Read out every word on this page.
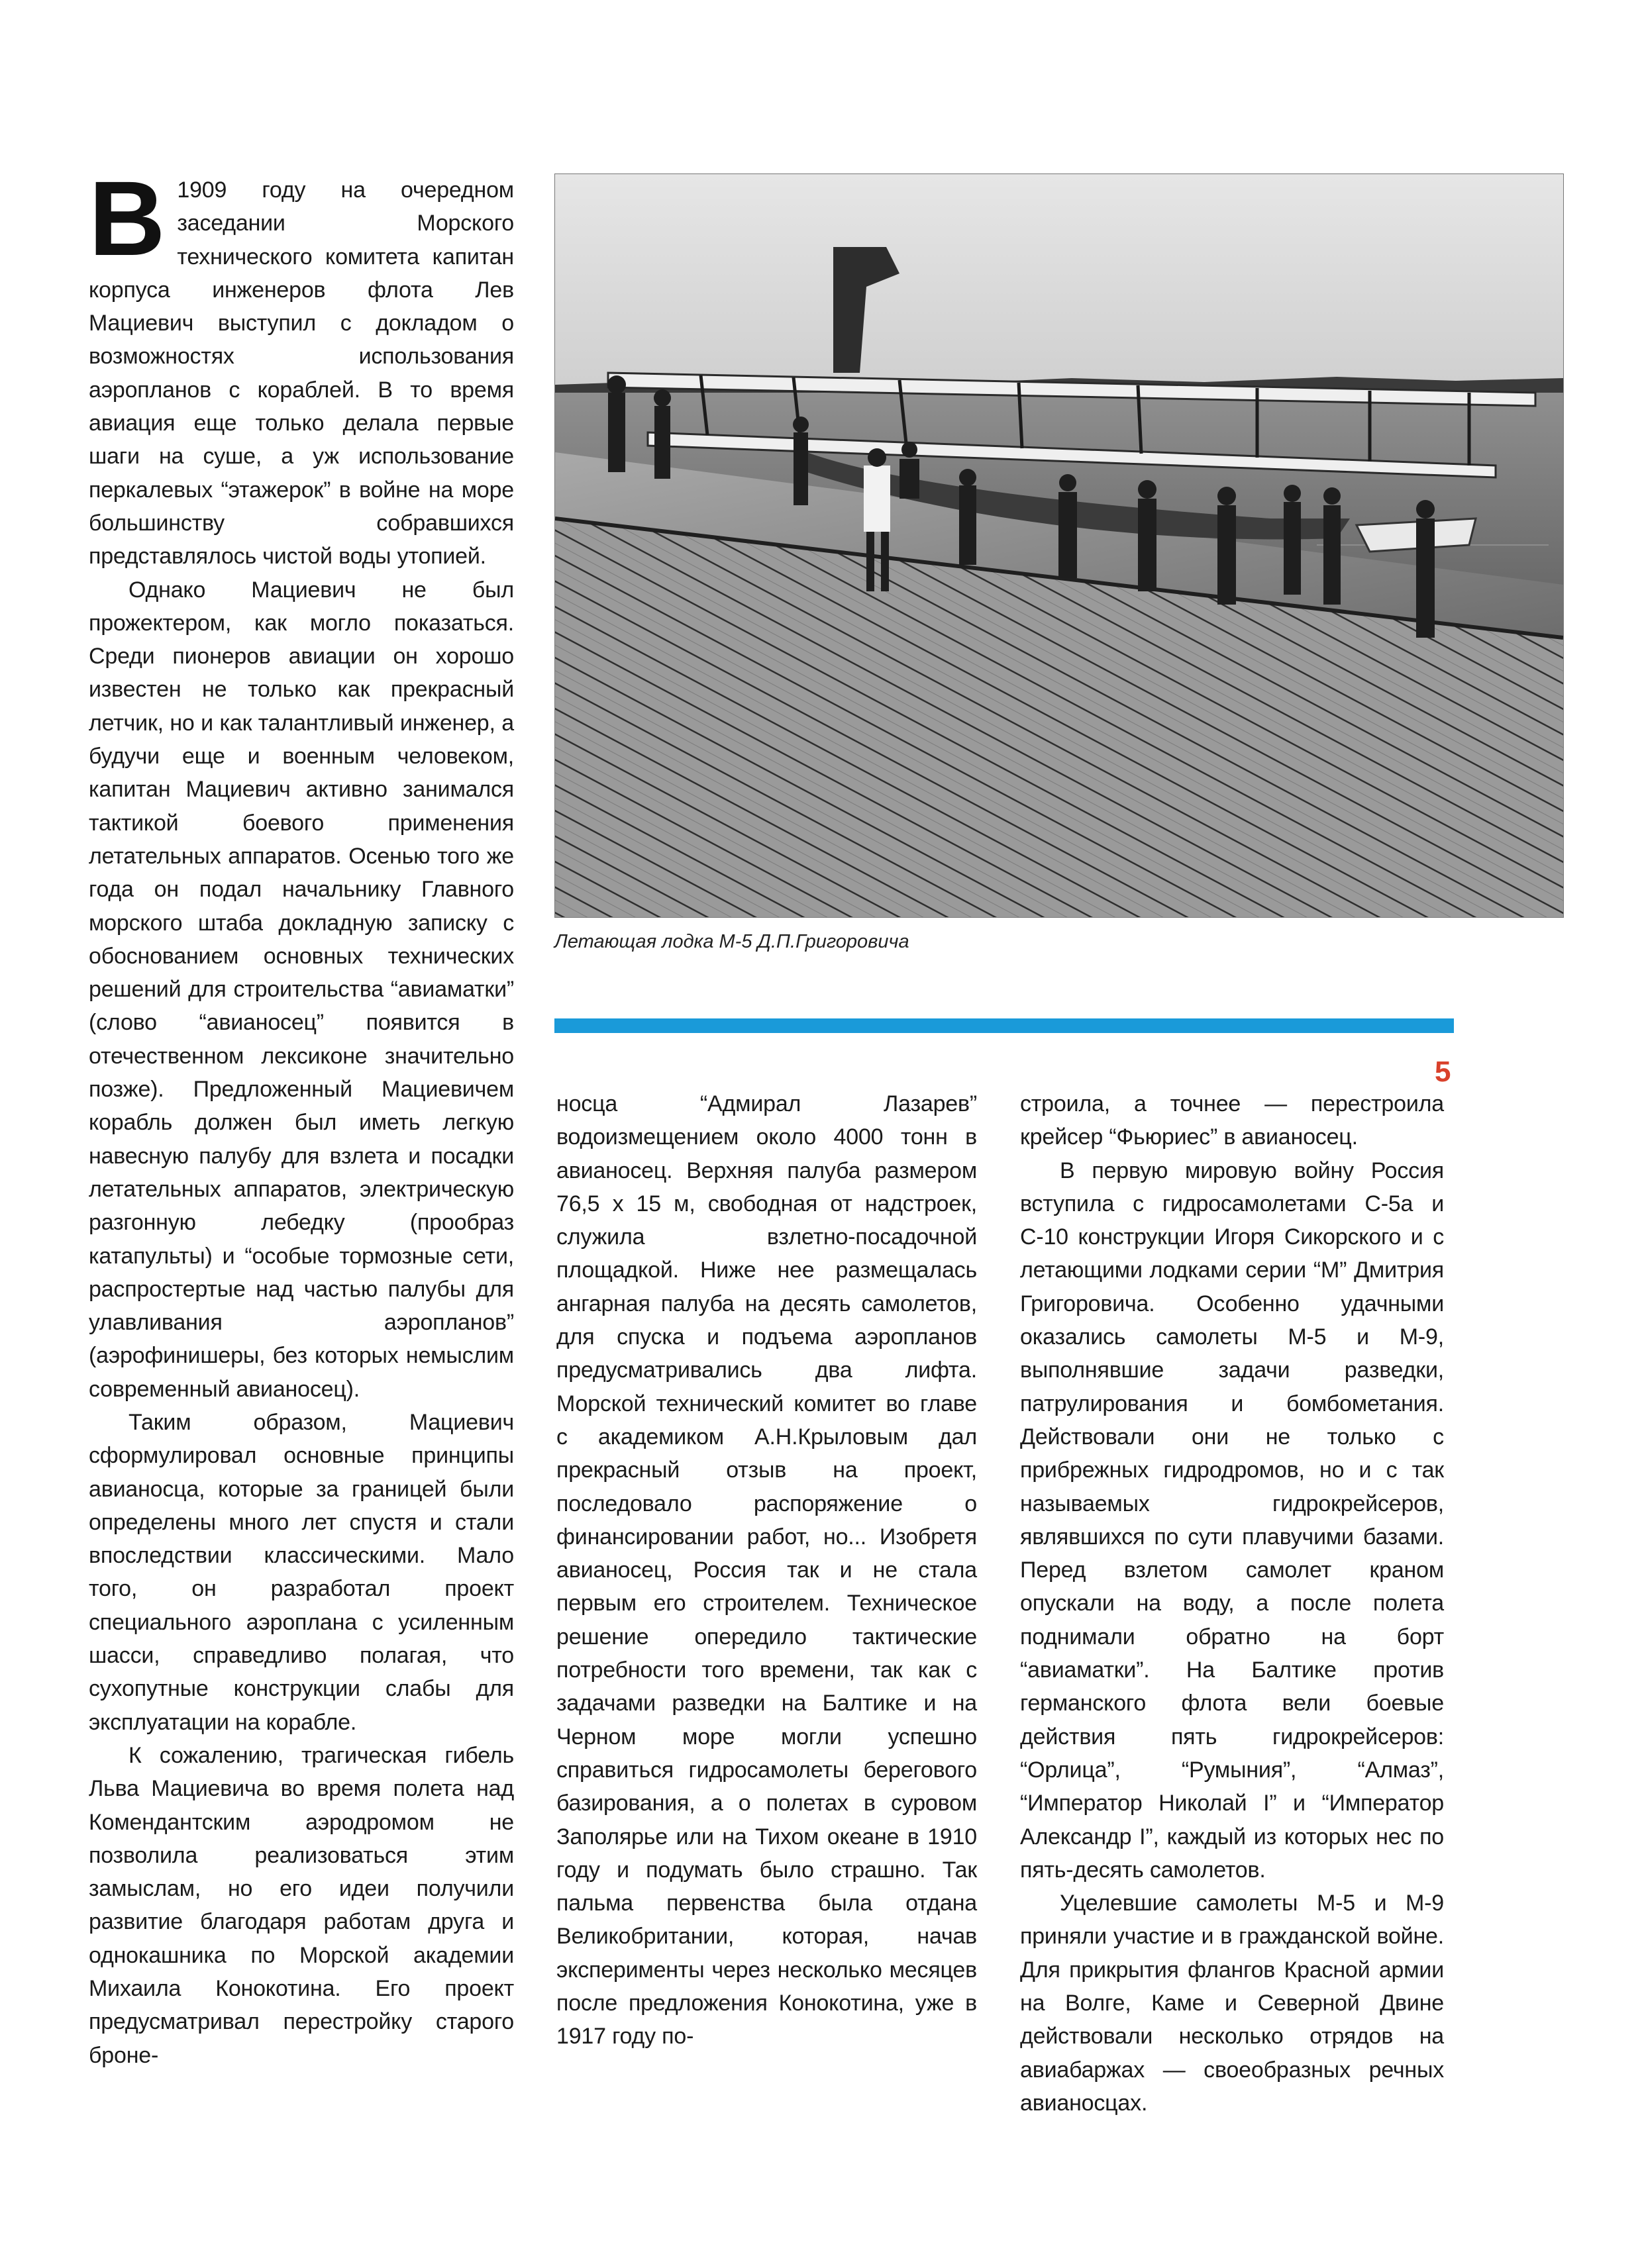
В 1909 году на очередном заседании Морского технического комитета капитан корпуса инженеров флота Лев Мациевич выступил с докладом о возможностях использования аэропланов с кораблей. В то время авиация еще только делала первые шаги на суше, а уж использование перкалевых “этажерок” в войне на море большинству собравшихся представлялось чистой воды утопией.

Однако Мациевич не был прожектером, как могло показаться. Среди пионеров авиации он хорошо известен не только как прекрасный летчик, но и как талантливый инженер, а будучи еще и военным человеком, капитан Мациевич активно занимался тактикой боевого применения летательных аппаратов. Осенью того же года он подал начальнику Главного морского штаба докладную записку с обоснованием основных технических решений для строительства “авиаматки” (слово “авианосец” появится в отечественном лексиконе значительно позже). Предложенный Мациевичем корабль должен был иметь легкую навесную палубу для взлета и посадки летательных аппаратов, электрическую разгонную лебедку (прообраз катапульты) и “особые тормозные сети, распростертые над частью палубы для улавливания аэропланов” (аэрофинишеры, без которых немыслим современный авианосец).

Таким образом, Мациевич сформулировал основные принципы авианосца, которые за границей были определены много лет спустя и стали впоследствии классическими. Мало того, он разработал проект специального аэроплана с усиленным шасси, справедливо полагая, что сухопутные конструкции слабы для эксплуатации на корабле.

К сожалению, трагическая гибель Льва Мациевича во время полета над Комендантским аэродромом не позволила реализоваться этим замыслам, но его идеи получили развитие благодаря работам друга и однокашника по Морской академии Михаила Конокотина. Его проект предусматривал перестройку старого броне-

Летающая лодка М-5 Д.П.Григоровича
5

носца “Адмирал Лазарев” водоизмещением около 4000 тонн в авианосец. Верхняя палуба размером 76,5 х 15 м, свободная от надстроек, служила взлетно-посадочной площадкой. Ниже нее размещалась ангарная палуба на десять самолетов, для спуска и подъема аэропланов предусматривались два лифта. Морской технический комитет во главе с академиком А.Н.Крыловым дал прекрасный отзыв на проект, последовало распоряжение о финансировании работ, но... Изобретя авианосец, Россия так и не стала первым его строителем. Техническое решение опередило тактические потребности того времени, так как с задачами разведки на Балтике и на Черном море могли успешно справиться гидросамолеты берегового базирования, а о полетах в суровом Заполярье или на Тихом океане в 1910 году и подумать было страшно. Так пальма первенства была отдана Великобритании, которая, начав эксперименты через несколько месяцев после предложения Конокотина, уже в 1917 году по-

строила, а точнее — перестроила крейсер “Фьюриес” в авианосец.

В первую мировую войну Россия вступила с гидросамолетами С-5а и С-10 конструкции Игоря Сикорского и с летающими лодками серии “М” Дмитрия Григоровича. Особенно удачными оказались самолеты М-5 и М-9, выполнявшие задачи разведки, патрулирования и бомбометания. Действовали они не только с прибрежных гидродромов, но и с так называемых гидрокрейсеров, являвшихся по сути плавучими базами. Перед взлетом самолет краном опускали на воду, а после полета поднимали обратно на борт “авиаматки”. На Балтике против германского флота вели боевые действия пять гидрокрейсеров: “Орлица”, “Румыния”, “Алмаз”, “Император Николай I” и “Император Александр I”, каждый из которых нес по пять-десять самолетов.

Уцелевшие самолеты М-5 и М-9 приняли участие и в гражданской войне. Для прикрытия флангов Красной армии на Волге, Каме и Северной Двине действовали несколько отрядов на авиабаржах — своеобразных речных авианосцах.
